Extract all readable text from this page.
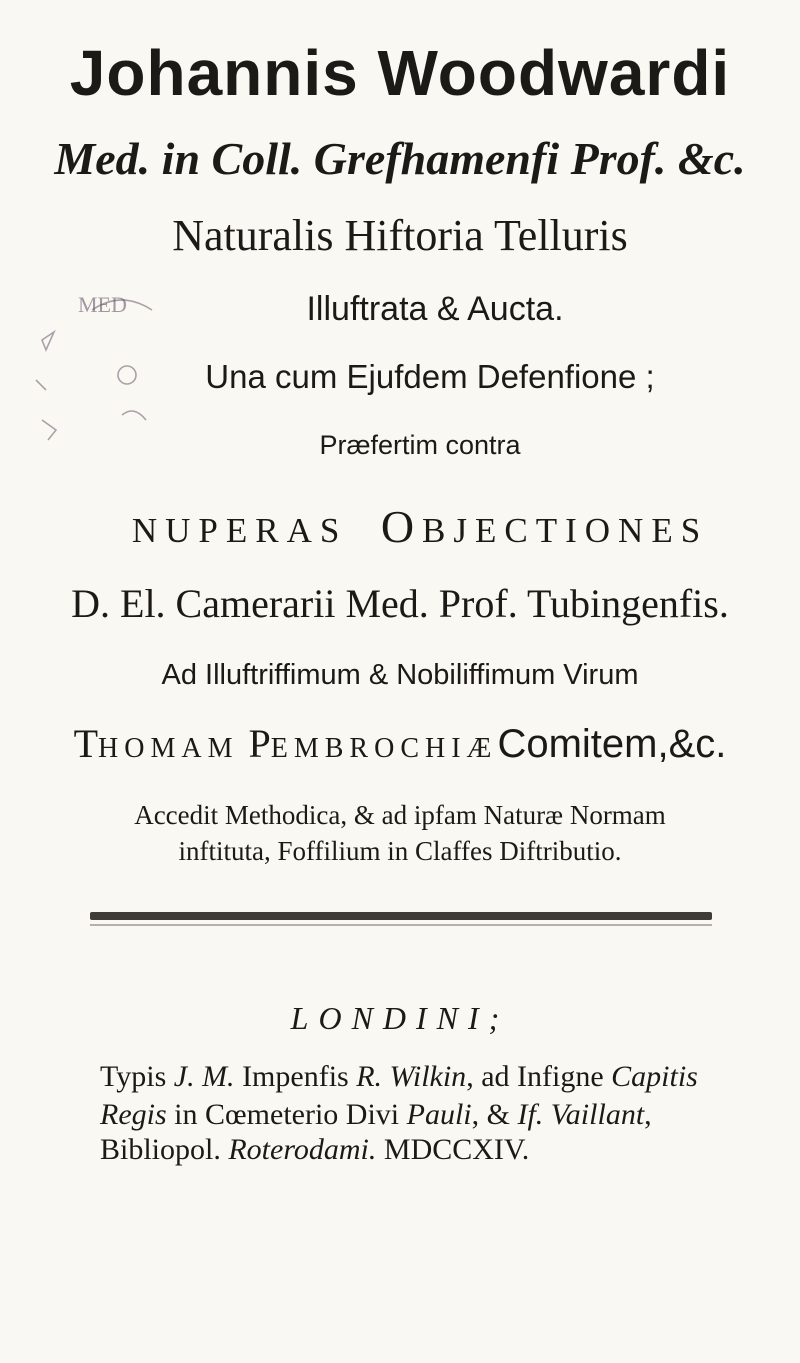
Johannis Woodwardi
Med. in Coll. Grefhamenfi Prof. &c.
Naturalis Hiftoria Telluris
MED	Illuftrata & Aucta.
Una cum Ejufdem Defenfione ;
Præfertim contra
NUPERAS OBJECTIONES
D. El. Camerarii Med. Prof. Tubingenfis.
Ad Illuftriffimum & Nobiliffimum Virum
THOMAM PEMBROCHIÆComitem,&c.
Accedit Methodica, & ad ipfam Naturæ Normam
inftituta, Foffilium in Claffes Diftributio.
LONDINI;
Typis J. M. Impenfis R. Wilkin, ad Infigne Capitis
Regis in Cœmeterio Divi Pauli, & If. Vaillant,
Bibliopol. Roterodami. MDCCXIV.
